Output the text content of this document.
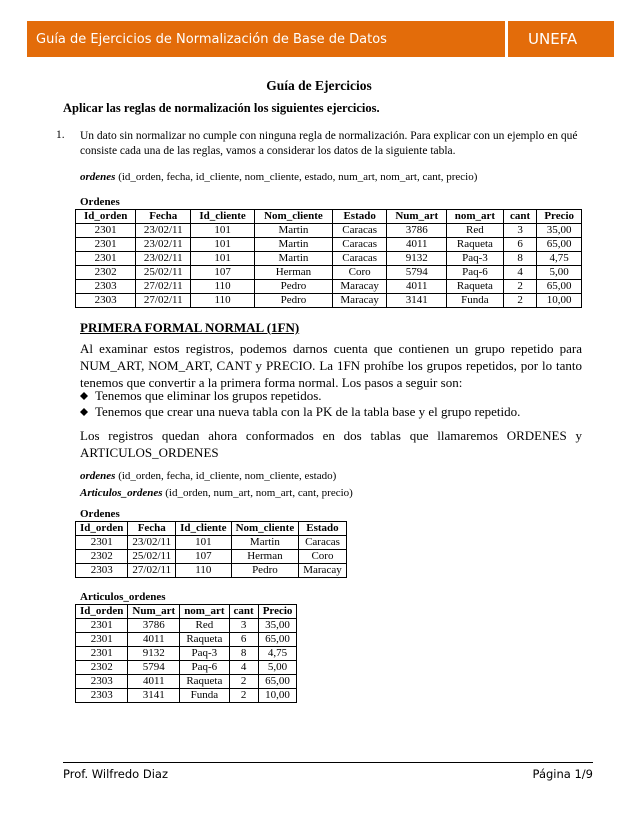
Guía de Ejercicios de Normalización de Base de Datos	UNEFA
Guía de Ejercicios
Aplicar las reglas de normalización los siguientes ejercicios.
1. Un dato sin normalizar no cumple con ninguna regla de normalización. Para explicar con un ejemplo en qué consiste cada una de las reglas, vamos a considerar los datos de la siguiente tabla.
ordenes (id_orden, fecha, id_cliente, nom_cliente, estado, num_art, nom_art, cant, precio)
Ordenes
Id_orden	Fecha	Id_cliente	Nom_cliente	Estado	Num_art	nom_art	cant	Precio
2301	23/02/11	101	Martin	Caracas	3786	Red	3	35,00
2301	23/02/11	101	Martin	Caracas	4011	Raqueta	6	65,00
2301	23/02/11	101	Martin	Caracas	9132	Paq-3	8	4,75
2302	25/02/11	107	Herman	Coro	5794	Paq-6	4	5,00
2303	27/02/11	110	Pedro	Maracay	4011	Raqueta	2	65,00
2303	27/02/11	110	Pedro	Maracay	3141	Funda	2	10,00
PRIMERA FORMAL NORMAL (1FN)
Al examinar estos registros, podemos darnos cuenta que contienen un grupo repetido para NUM_ART, NOM_ART, CANT y PRECIO. La 1FN prohíbe los grupos repetidos, por lo tanto tenemos que convertir a la primera forma normal. Los pasos a seguir son:
Tenemos que eliminar los grupos repetidos.
Tenemos que crear una nueva tabla con la PK de la tabla base y el grupo repetido.
Los registros quedan ahora conformados en dos tablas que llamaremos ORDENES y ARTICULOS_ORDENES
ordenes (id_orden, fecha, id_cliente, nom_cliente, estado)
Articulos_ordenes (id_orden, num_art, nom_art, cant, precio)
Ordenes
Id_orden	Fecha	Id_cliente	Nom_cliente	Estado
2301	23/02/11	101	Martin	Caracas
2302	25/02/11	107	Herman	Coro
2303	27/02/11	110	Pedro	Maracay
Articulos_ordenes
Id_orden	Num_art	nom_art	cant	Precio
2301	3786	Red	3	35,00
2301	4011	Raqueta	6	65,00
2301	9132	Paq-3	8	4,75
2302	5794	Paq-6	4	5,00
2303	4011	Raqueta	2	65,00
2303	3141	Funda	2	10,00
Prof. Wilfredo Diaz	Página 1/9
